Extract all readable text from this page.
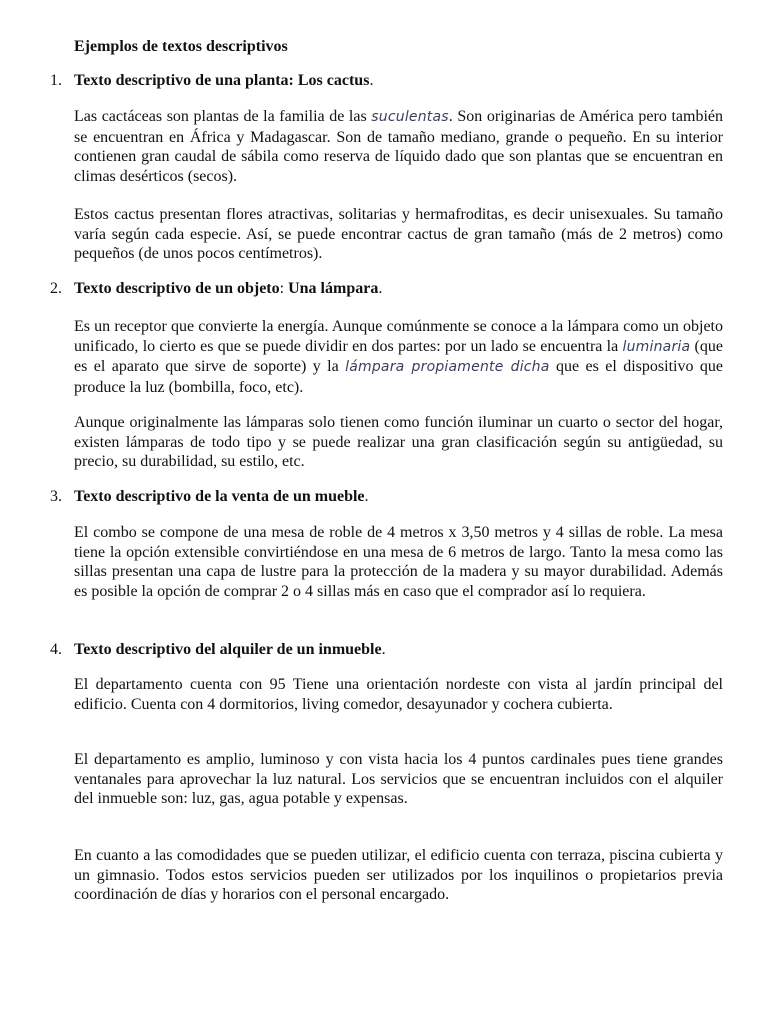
Ejemplos de textos descriptivos

1. Texto descriptivo de una planta: Los cactus.

Las cactáceas son plantas de la familia de las suculentas. Son originarias de América pero también se encuentran en África y Madagascar. Son de tamaño mediano, grande o pequeño. En su interior contienen gran caudal de sábila como reserva de líquido dado que son plantas que se encuentran en climas desérticos (secos).

Estos cactus presentan flores atractivas, solitarias y hermafroditas, es decir unisexuales. Su tamaño varía según cada especie. Así, se puede encontrar cactus de gran tamaño (más de 2 metros) como pequeños (de unos pocos centímetros).

2. Texto descriptivo de un objeto: Una lámpara.

Es un receptor que convierte la energía. Aunque comúnmente se conoce a la lámpara como un objeto unificado, lo cierto es que se puede dividir en dos partes: por un lado se encuentra la luminaria (que es el aparato que sirve de soporte) y la lámpara propiamente dicha que es el dispositivo que produce la luz (bombilla, foco, etc).

Aunque originalmente las lámparas solo tienen como función iluminar un cuarto o sector del hogar, existen lámparas de todo tipo y se puede realizar una gran clasificación según su antigüedad, su precio, su durabilidad, su estilo, etc.

3. Texto descriptivo de la venta de un mueble.

El combo se compone de una mesa de roble de 4 metros x 3,50 metros y 4 sillas de roble. La mesa tiene la opción extensible convirtiéndose en una mesa de 6 metros de largo. Tanto la mesa como las sillas presentan una capa de lustre para la protección de la madera y su mayor durabilidad. Además es posible la opción de comprar 2 o 4 sillas más en caso que el comprador así lo requiera.

4. Texto descriptivo del alquiler de un inmueble.

El departamento cuenta con 95 Tiene una orientación nordeste con vista al jardín principal del edificio. Cuenta con 4 dormitorios, living comedor, desayunador y cochera cubierta.

El departamento es amplio, luminoso y con vista hacia los 4 puntos cardinales pues tiene grandes ventanales para aprovechar la luz natural. Los servicios que se encuentran incluidos con el alquiler del inmueble son: luz, gas, agua potable y expensas.

En cuanto a las comodidades que se pueden utilizar, el edificio cuenta con terraza, piscina cubierta y un gimnasio. Todos estos servicios pueden ser utilizados por los inquilinos o propietarios previa coordinación de días y horarios con el personal encargado.
